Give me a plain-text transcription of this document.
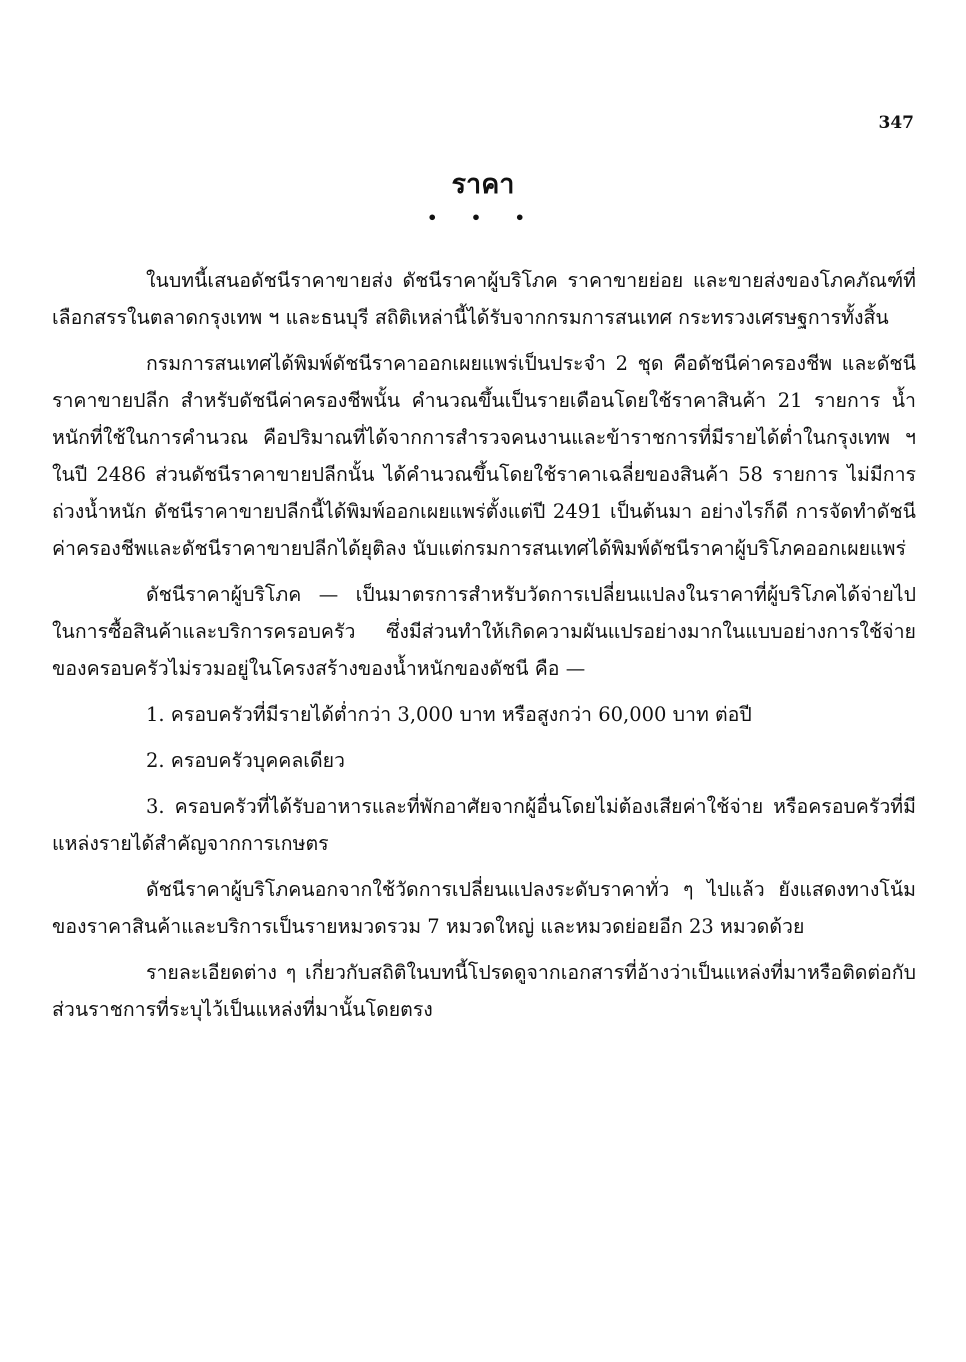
347
ราคา
• • •

ในบทนี้เสนอดัชนีราคาขายส่ง ดัชนีราคาผู้บริโภค ราคาขายย่อย และขายส่งของโภคภัณฑ์ที่เลือกสรรในตลาดกรุงเทพ ฯ และธนบุรี สถิติเหล่านี้ได้รับจากกรมการสนเทศ กระทรวงเศรษฐการทั้งสิ้น

กรมการสนเทศได้พิมพ์ดัชนีราคาออกเผยแพร่เป็นประจำ 2 ชุด คือดัชนีค่าครองชีพ และดัชนีราคาขายปลีก สำหรับดัชนีค่าครองชีพนั้น คำนวณขึ้นเป็นรายเดือนโดยใช้ราคาสินค้า 21 รายการ น้ำหนักที่ใช้ในการคำนวณ คือปริมาณที่ได้จากการสำรวจคนงานและข้าราชการที่มีรายได้ต่ำในกรุงเทพ ฯ ในปี 2486 ส่วนดัชนีราคาขายปลีกนั้น ได้คำนวณขึ้นโดยใช้ราคาเฉลี่ยของสินค้า 58 รายการ ไม่มีการถ่วงน้ำหนัก ดัชนีราคาขายปลีกนี้ได้พิมพ์ออกเผยแพร่ตั้งแต่ปี 2491 เป็นต้นมา อย่างไรก็ดี การจัดทำดัชนีค่าครองชีพและดัชนีราคาขายปลีกได้ยุติลง นับแต่กรมการสนเทศได้พิมพ์ดัชนีราคาผู้บริโภคออกเผยแพร่

ดัชนีราคาผู้บริโภค — เป็นมาตรการสำหรับวัดการเปลี่ยนแปลงในราคาที่ผู้บริโภคได้จ่ายไปในการซื้อสินค้าและบริการครอบครัว ซึ่งมีส่วนทำให้เกิดความผันแปรอย่างมากในแบบอย่างการใช้จ่ายของครอบครัวไม่รวมอยู่ในโครงสร้างของน้ำหนักของดัชนี คือ —

1. ครอบครัวที่มีรายได้ต่ำกว่า 3,000 บาท หรือสูงกว่า 60,000 บาท ต่อปี

2. ครอบครัวบุคคลเดียว

3. ครอบครัวที่ได้รับอาหารและที่พักอาศัยจากผู้อื่นโดยไม่ต้องเสียค่าใช้จ่าย หรือครอบครัวที่มีแหล่งรายได้สำคัญจากการเกษตร

ดัชนีราคาผู้บริโภคนอกจากใช้วัดการเปลี่ยนแปลงระดับราคาทั่ว ๆ ไปแล้ว ยังแสดงทางโน้มของราคาสินค้าและบริการเป็นรายหมวดรวม 7 หมวดใหญ่ และหมวดย่อยอีก 23 หมวดด้วย

รายละเอียดต่าง ๆ เกี่ยวกับสถิติในบทนี้โปรดดูจากเอกสารที่อ้างว่าเป็นแหล่งที่มาหรือติดต่อกับส่วนราชการที่ระบุไว้เป็นแหล่งที่มานั้นโดยตรง
